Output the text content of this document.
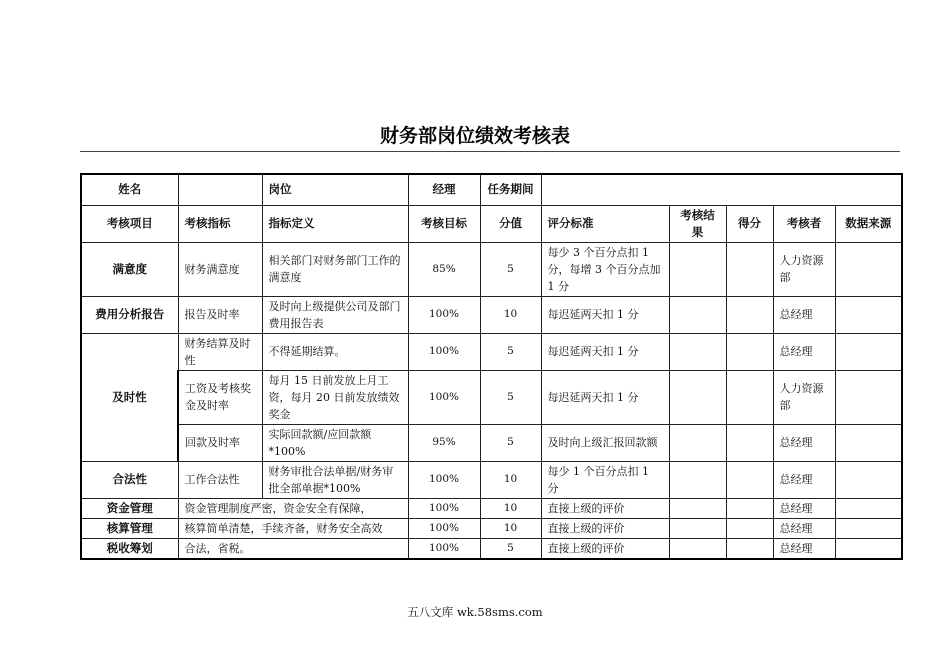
财务部岗位绩效考核表
姓名		岗位	经理	任务期间					
考核项目	考核指标	指标定义	考核目标	分值	评分标准	考核结果	得分	考核者	数据来源
满意度	财务满意度	相关部门对财务部门工作的满意度	85%	5	每少 3 个百分点扣 1 分，每增 3 个百分点加 1 分			人力资源部	
费用分析报告	报告及时率	及时向上级提供公司及部门费用报告表	100%	10	每迟延两天扣 1 分			总经理	
及时性	财务结算及时性	不得延期结算。	100%	5	每迟延两天扣 1 分			总经理	
	工资及考核奖金及时率	每月 15 日前发放上月工资，每月 20 日前发放绩效奖金	100%	5	每迟延两天扣 1 分			人力资源部	
	回款及时率	实际回款额/应回款额*100%	95%	5	及时向上级汇报回款额			总经理	
合法性	工作合法性	财务审批合法单据/财务审批全部单据*100%	100%	10	每少 1 个百分点扣 1 分			总经理	
资金管理	资金管理制度严密，资金安全有保障，		100%	10	直接上级的评价			总经理	
核算管理	核算简单清楚，手续齐备，财务安全高效		100%	10	直接上级的评价			总经理	
税收筹划	合法，省税。		100%	5	直接上级的评价			总经理	
五八文库 wk.58sms.com
